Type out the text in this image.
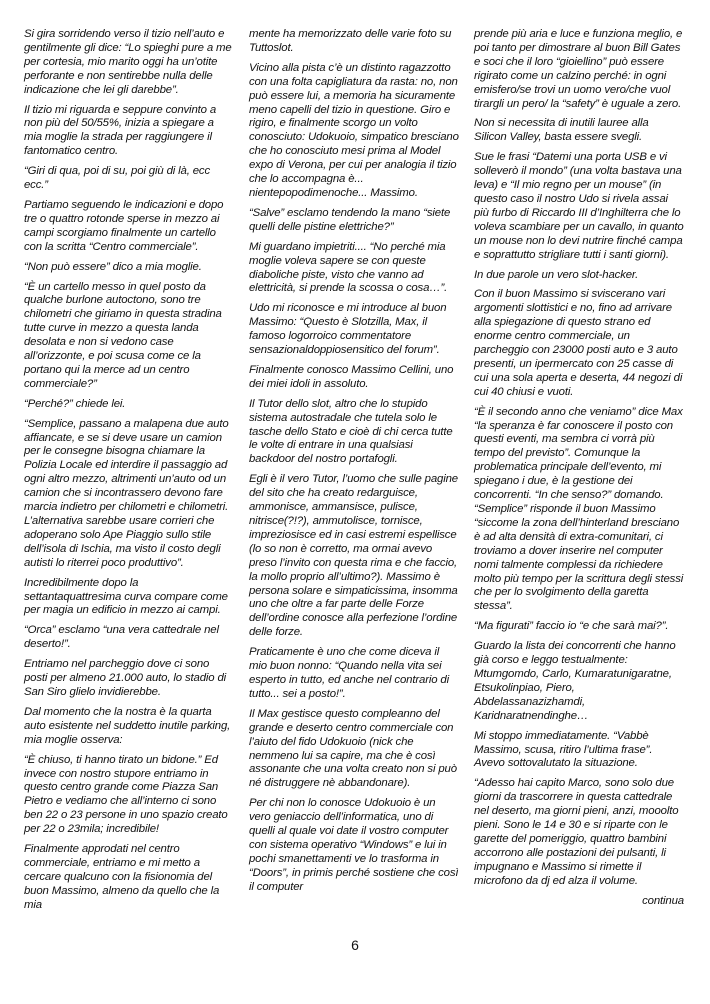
Si gira sorridendo verso il tizio nell’auto e gentilmente gli dice: “Lo spieghi pure a me per cortesia, mio marito oggi ha un’otite perforante e non sentirebbe nulla delle indicazione che lei gli darebbe”.

Il tizio mi riguarda e seppure convinto a non più del 50/55%, inizia a spiegare a mia moglie la strada per raggiungere il fantomatico centro.

“Giri di qua, poi di su, poi giù di là, ecc ecc.”

Partiamo seguendo le indicazioni e dopo tre o quattro rotonde sperse in mezzo ai campi scorgiamo finalmente un cartello con la scritta “Centro commerciale”.

“Non può essere” dico a mia moglie.

“È un cartello messo in quel posto da qualche burlone autoctono, sono tre chilometri che giriamo in questa stradina tutte curve in mezzo a questa landa desolata e non si vedono case all’orizzonte, e poi scusa come ce la portano qui la merce ad un centro commerciale?”

“Perché?” chiede lei.

“Semplice, passano a malapena due auto affiancate, e se si deve usare un camion per le consegne bisogna chiamare la Polizia Locale ed interdire il passaggio ad ogni altro mezzo, altrimenti un’auto od un camion che si incontrassero devono fare marcia indietro per chilometri e chilometri. L’alternativa sarebbe usare corrieri che adoperano solo Ape Piaggio sullo stile dell’isola di Ischia, ma visto il costo degli autisti lo riterrei poco produttivo”.

Incredibilmente dopo la settantaquattresima curva compare come per magia un edificio in mezzo ai campi.

“Orca” esclamo “una vera cattedrale nel deserto!”.

Entriamo nel parcheggio dove ci sono posti per almeno 21.000 auto, lo stadio di San Siro glielo invidierebbe.

Dal momento che la nostra è la quarta auto esistente nel suddetto inutile parking, mia moglie osserva:

“È chiuso, ti hanno tirato un bidone.” Ed invece con nostro stupore entriamo in questo centro grande come Piazza San Pietro e vediamo che all’interno ci sono ben 22 o 23 persone in uno spazio creato per 22 o 23mila; incredibile!

Finalmente approdati nel centro commerciale, entriamo e mi metto a cercare qualcuno con la fisionomia del buon Massimo, almeno da quello che la mia

mente ha memorizzato delle varie foto su Tuttoslot.

Vicino alla pista c’è un distinto ragazzotto con una folta capigliatura da rasta: no, non può essere lui, a memoria ha sicuramente meno capelli del tizio in questione. Giro e rigiro, e finalmente scorgo un volto conosciuto: Udokuoio, simpatico bresciano che ho conosciuto mesi prima al Model expo di Verona, per cui per analogia il tizio che lo accompagna è... nientepopodimenoche... Massimo.

“Salve” esclamo tendendo la mano “siete quelli delle pistine elettriche?”

Mi guardano impietriti.... “No perché mia moglie voleva sapere se con queste diaboliche piste, visto che vanno ad elettricità, si prende la scossa o cosa…”.

Udo mi riconosce e mi introduce al buon Massimo: “Questo è Slotzilla, Max, il famoso logorroico commentatore sensazionaldoppiosensitico del forum”.

Finalmente conosco Massimo Cellini, uno dei miei idoli in assoluto.

Il Tutor dello slot, altro che lo stupido sistema autostradale che tutela solo le tasche dello Stato e cioè di chi cerca tutte le volte di entrare in una qualsiasi backdoor del nostro portafogli.

Egli è il vero Tutor, l’uomo che sulle pagine del sito che ha creato redarguisce, ammonisce, ammansisce, pulisce, nitrisce(?!?), ammutolisce, tornisce, impreziosisce ed in casi estremi espellisce (lo so non è corretto, ma ormai avevo preso l’invito con questa rima e che faccio, la mollo proprio all’ultimo?). Massimo è persona solare e simpaticissima, insomma uno che oltre a far parte delle Forze dell’ordine conosce alla perfezione l’ordine delle forze.

Praticamente è uno che come diceva il mio buon nonno: “Quando nella vita sei esperto in tutto, ed anche nel contrario di tutto... sei a posto!”.

Il Max gestisce questo compleanno del grande e deserto centro commerciale con l’aiuto del fido Udokuoio (nick che nemmeno lui sa capire, ma che è così assonante che una volta creato non si può né distruggere nè abbandonare).

Per chi non lo conosce Udokuoio è un vero geniaccio dell’informatica, uno di quelli al quale voi date il vostro computer con sistema operativo “Windows” e lui in pochi smanettamenti ve lo trasforma in “Doors”, in primis perché sostiene che così il computer

prende più aria e luce e funziona meglio, e poi tanto per dimostrare al buon Bill Gates e soci che il loro “gioiellino” può essere rigirato come un calzino perché: in ogni emisfero/se trovi un uomo vero/che vuol tirargli un pero/ la “safety” è uguale a zero.

Non si necessita di inutili lauree alla Silicon Valley, basta essere svegli.

Sue le frasi “Datemi una porta USB e vi solleverò il mondo” (una volta bastava una leva) e “Il mio regno per un mouse” (in questo caso il nostro Udo si rivela assai più furbo di Riccardo III d’Inghilterra che lo voleva scambiare per un cavallo, in quanto un mouse non lo devi nutrire finché campa e soprattutto strigliare tutti i santi giorni).

In due parole un vero slot-hacker.

Con il buon Massimo si sviscerano vari argomenti slottistici e no, fino ad arrivare alla spiegazione di questo strano ed enorme centro commerciale, un parcheggio con 23000 posti auto e 3 auto presenti, un ipermercato con 25 casse di cui una sola aperta e deserta, 44 negozi di cui 40 chiusi e vuoti.

“È il secondo anno che veniamo” dice Max “la speranza è far conoscere il posto con questi eventi, ma sembra ci vorrà più tempo del previsto”. Comunque la problematica principale dell’evento, mi spiegano i due, è la gestione dei concorrenti. “In che senso?” domando. “Semplice” risponde il buon Massimo “siccome la zona dell’hinterland bresciano è ad alta densità di extra-comunitari, ci troviamo a dover inserire nel computer nomi talmente complessi da richiedere molto più tempo per la scrittura degli stessi che per lo svolgimento della garetta stessa”.

“Ma figurati” faccio io “e che sarà mai?”.

Guardo la lista dei concorrenti che hanno già corso e leggo testualmente: Mtumgomdo, Carlo, Kumaratunigaratne, Etsukolinpiao, Piero, Abdelassanazizhamdi, Karidnaratnendinghe…

Mi stoppo immediatamente. “Vabbè Massimo, scusa, ritiro l’ultima frase”. Avevo sottovalutato la situazione.

“Adesso hai capito Marco, sono solo due giorni da trascorrere in questa cattedrale nel deserto, ma giorni pieni, anzi, mooolto pieni. Sono le 14 e 30 e si riparte con le garette del pomeriggio, quattro bambini accorrono alle postazioni dei pulsanti, li impugnano e Massimo si rimette il microfono da dj ed alza il volume.

continua
6
